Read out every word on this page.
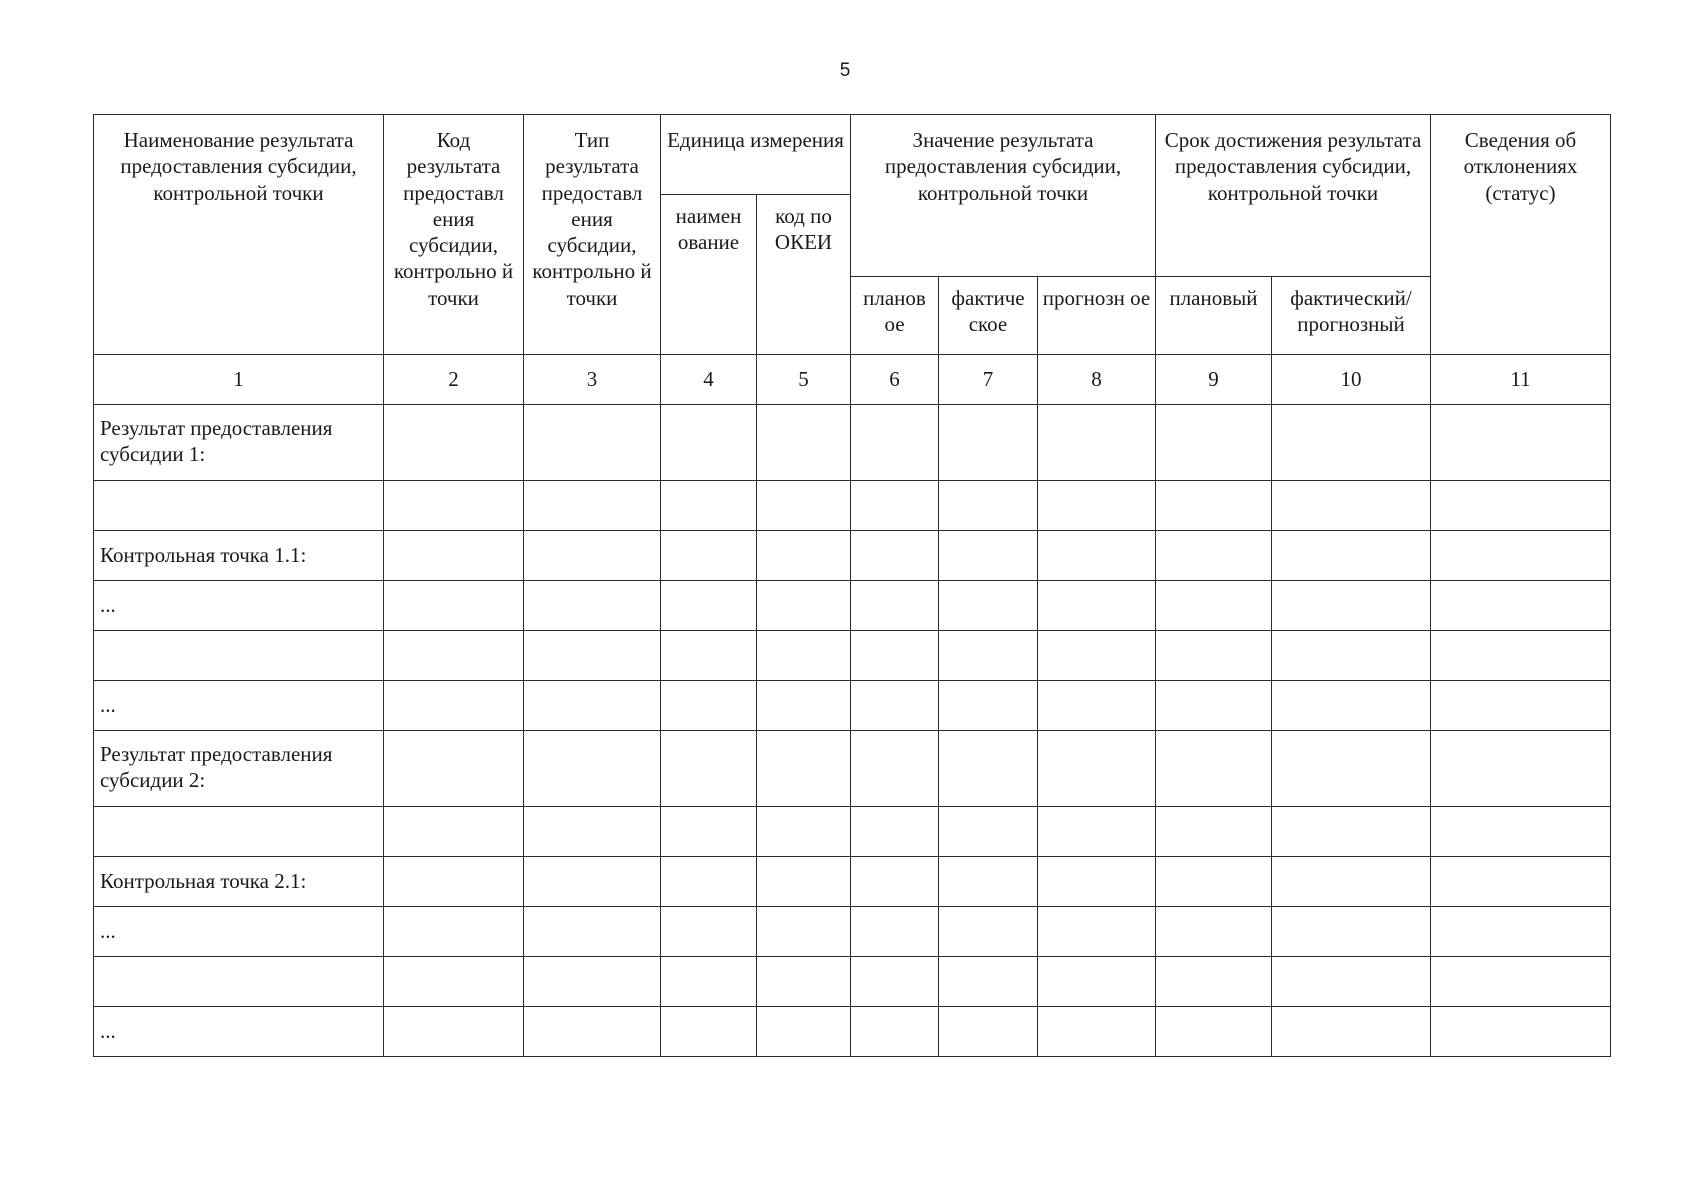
5
Наименование результата предоставления субсидии, контрольной точки	Код результата предоставл ения субсидии, контрольно й точки	Тип результата предоставл ения субсидии, контрольно й точки	Единица измерения		Значение результата предоставления субсидии, контрольной точки			Срок достижения результата предоставления субсидии, контрольной точки		Сведения об отклонениях (статус)
			наимен ование	код по ОКЕИ						
					планов ое	фактиче ское	прогнозн ое	плановый	фактический/ прогнозный	
1	2	3	4	5	6	7	8	9	10	11
Результат предоставления субсидии 1:										

Контрольная точка 1.1:										
...										

...										
Результат предоставления субсидии 2:										

Контрольная точка 2.1:										
...										

...										
